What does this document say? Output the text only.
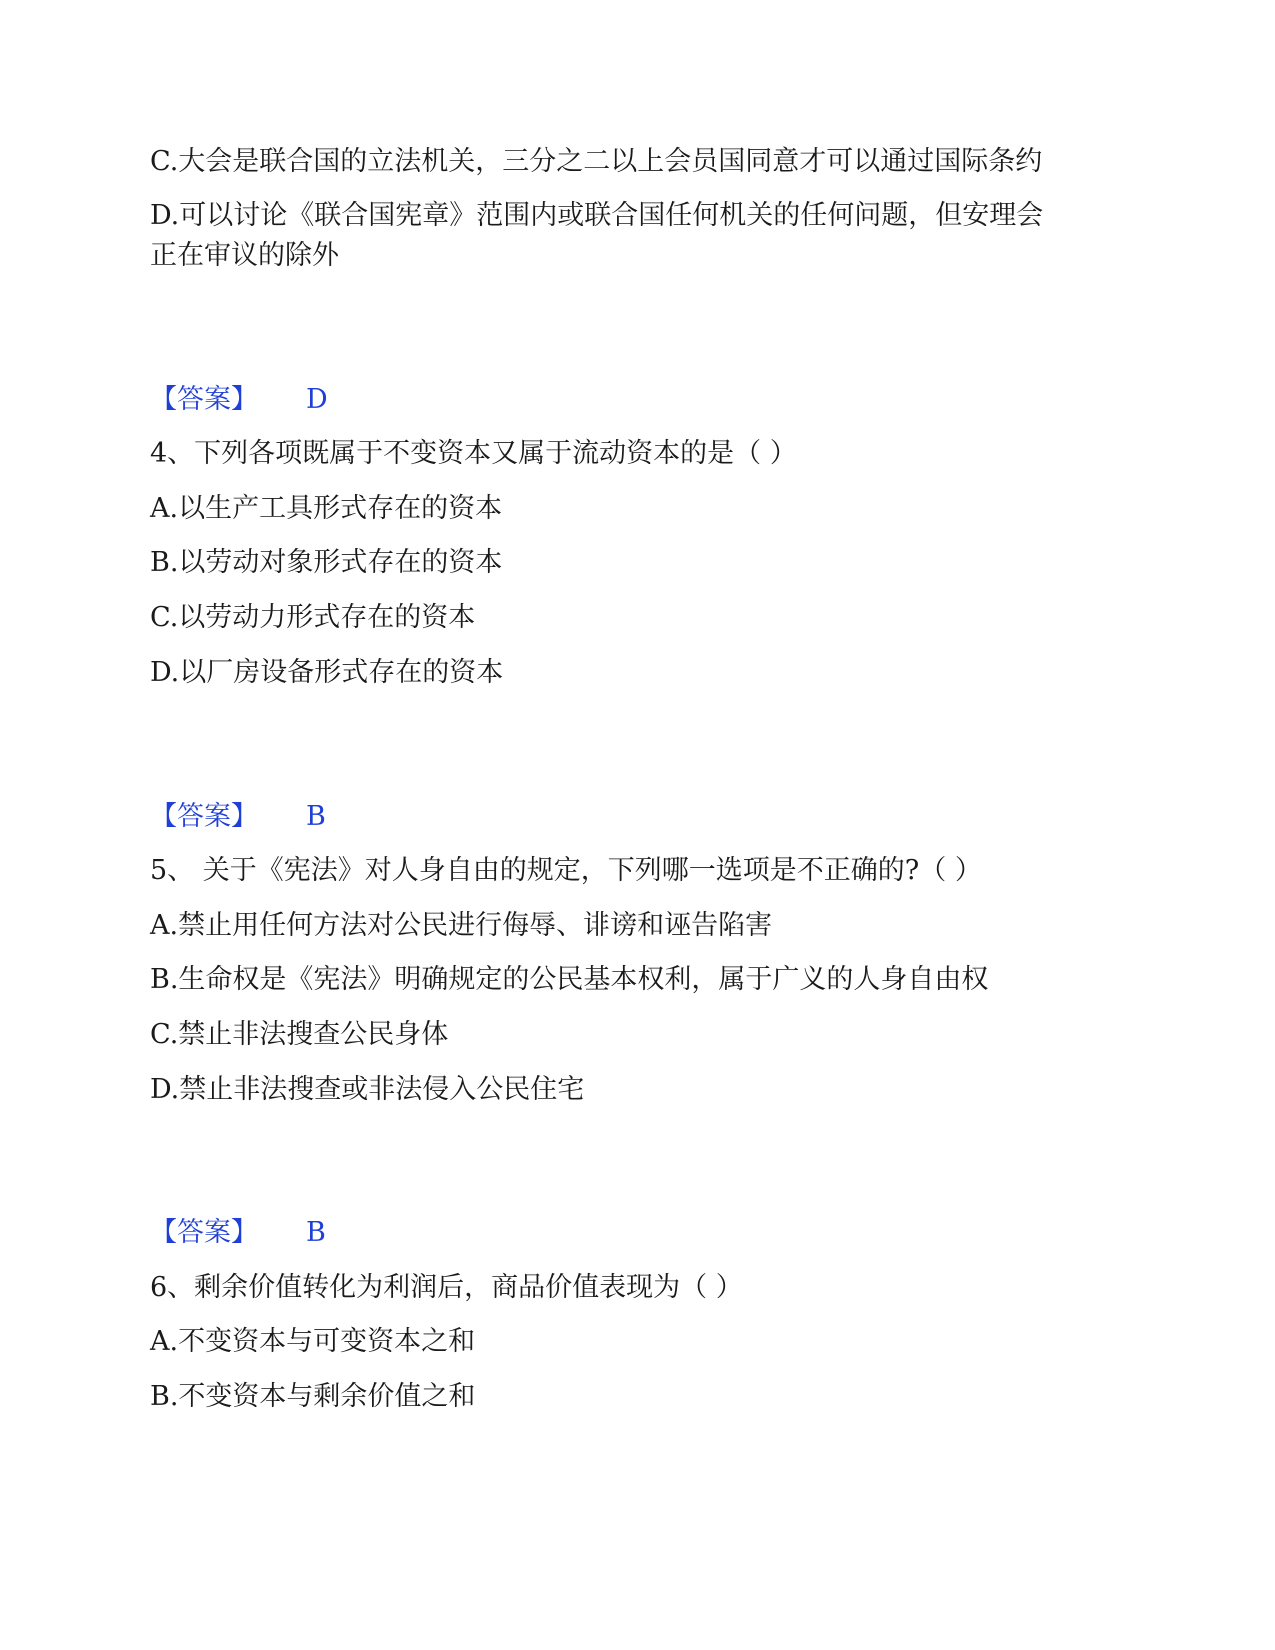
C.大会是联合国的立法机关，三分之二以上会员国同意才可以通过国际条约
D.可以讨论《联合国宪章》范围内或联合国任何机关的任何问题，但安理会
正在审议的除外
【答案】 D
4、下列各项既属于不变资本又属于流动资本的是（ ）
A.以生产工具形式存在的资本
B.以劳动对象形式存在的资本
C.以劳动力形式存在的资本
D.以厂房设备形式存在的资本
【答案】 B
5、 关于《宪法》对人身自由的规定，下列哪一选项是不正确的?（ ）
A.禁止用任何方法对公民进行侮辱、诽谤和诬告陷害
B.生命权是《宪法》明确规定的公民基本权利，属于广义的人身自由权
C.禁止非法搜查公民身体
D.禁止非法搜查或非法侵入公民住宅
【答案】 B
6、剩余价值转化为利润后，商品价值表现为（ ）
A.不变资本与可变资本之和
B.不变资本与剩余价值之和
